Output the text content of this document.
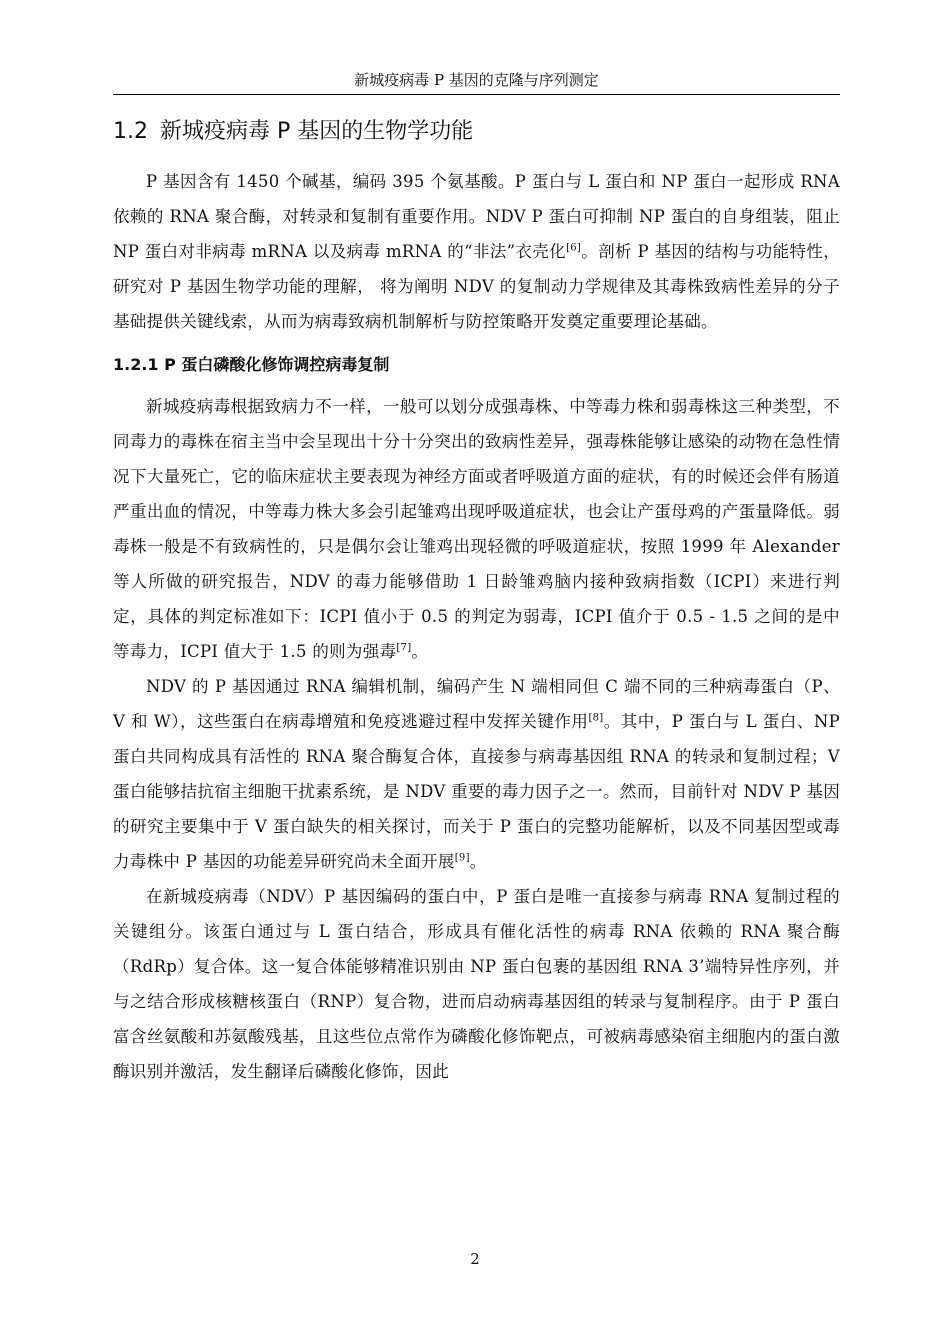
新城疫病毒 P 基因的克隆与序列测定
1.2 新城疫病毒 P 基因的生物学功能

P 基因含有 1450 个碱基，编码 395 个氨基酸。P 蛋白与 L 蛋白和 NP 蛋白一起形成 RNA 依赖的 RNA 聚合酶，对转录和复制有重要作用。NDV P 蛋白可抑制 NP 蛋白的自身组装，阻止 NP 蛋白对非病毒 mRNA 以及病毒 mRNA 的“非法”衣壳化[6]。剖析 P 基因的结构与功能特性，研究对 P 基因生物学功能的理解， 将为阐明 NDV 的复制动力学规律及其毒株致病性差异的分子基础提供关键线索，从而为病毒致病机制解析与防控策略开发奠定重要理论基础。

1.2.1 P 蛋白磷酸化修饰调控病毒复制

新城疫病毒根据致病力不一样，一般可以划分成强毒株、中等毒力株和弱毒株这三种类型，不同毒力的毒株在宿主当中会呈现出十分十分突出的致病性差异，强毒株能够让感染的动物在急性情况下大量死亡，它的临床症状主要表现为神经方面或者呼吸道方面的症状，有的时候还会伴有肠道严重出血的情况，中等毒力株大多会引起雏鸡出现呼吸道症状，也会让产蛋母鸡的产蛋量降低。弱毒株一般是不有致病性的，只是偶尔会让雏鸡出现轻微的呼吸道症状，按照 1999 年 Alexander 等人所做的研究报告，NDV 的毒力能够借助 1 日龄雏鸡脑内接种致病指数（ICPI）来进行判定，具体的判定标准如下：ICPI 值小于 0.5 的判定为弱毒，ICPI 值介于 0.5 - 1.5 之间的是中等毒力，ICPI 值大于 1.5 的则为强毒[7]。

NDV 的 P 基因通过 RNA 编辑机制，编码产生 N 端相同但 C 端不同的三种病毒蛋白（P、V 和 W），这些蛋白在病毒增殖和免疫逃避过程中发挥关键作用[8]。其中，P 蛋白与 L 蛋白、NP 蛋白共同构成具有活性的 RNA 聚合酶复合体，直接参与病毒基因组 RNA 的转录和复制过程；V 蛋白能够拮抗宿主细胞干扰素系统，是 NDV 重要的毒力因子之一。然而，目前针对 NDV P 基因的研究主要集中于 V 蛋白缺失的相关探讨，而关于 P 蛋白的完整功能解析，以及不同基因型或毒力毒株中 P 基因的功能差异研究尚未全面开展[9]。

在新城疫病毒（NDV）P 基因编码的蛋白中，P 蛋白是唯一直接参与病毒 RNA 复制过程的关键组分。该蛋白通过与 L 蛋白结合，形成具有催化活性的病毒 RNA 依赖的 RNA 聚合酶（RdRp）复合体。这一复合体能够精准识别由 NP 蛋白包裹的基因组 RNA 3’端特异性序列，并与之结合形成核糖核蛋白（RNP）复合物，进而启动病毒基因组的转录与复制程序。由于 P 蛋白富含丝氨酸和苏氨酸残基，且这些位点常作为磷酸化修饰靶点，可被病毒感染宿主细胞内的蛋白激酶识别并激活，发生翻译后磷酸化修饰，因此

2
